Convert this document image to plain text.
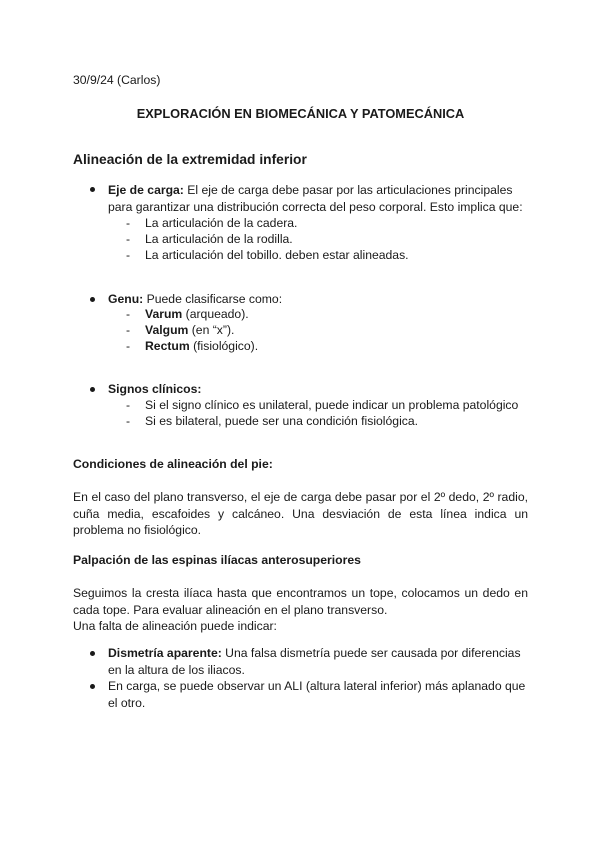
30/9/24 (Carlos)
EXPLORACIÓN EN BIOMECÁNICA Y PATOMECÁNICA
Alineación de la extremidad inferior
Eje de carga: El eje de carga debe pasar por las articulaciones principales
para garantizar una distribución correcta del peso corporal. Esto implica que:
- La articulación de la cadera.
- La articulación de la rodilla.
- La articulación del tobillo. deben estar alineadas.
Genu: Puede clasificarse como:
- Varum (arqueado).
- Valgum (en “x”).
- Rectum (fisiológico).
Signos clínicos:
- Si el signo clínico es unilateral, puede indicar un problema patológico
- Si es bilateral, puede ser una condición fisiológica.
Condiciones de alineación del pie:
En el caso del plano transverso, el eje de carga debe pasar por el 2º dedo, 2º radio,
cuña media, escafoides y calcáneo. Una desviación de esta línea indica un
problema no fisiológico.
Palpación de las espinas ilíacas anterosuperiores
Seguimos la cresta ilíaca hasta que encontramos un tope, colocamos un dedo en
cada tope. Para evaluar alineación en el plano transverso.
Una falta de alineación puede indicar:
Dismetría aparente: Una falsa dismetría puede ser causada por diferencias
en la altura de los iliacos.
En carga, se puede observar un ALI (altura lateral inferior) más aplanado que
el otro.
